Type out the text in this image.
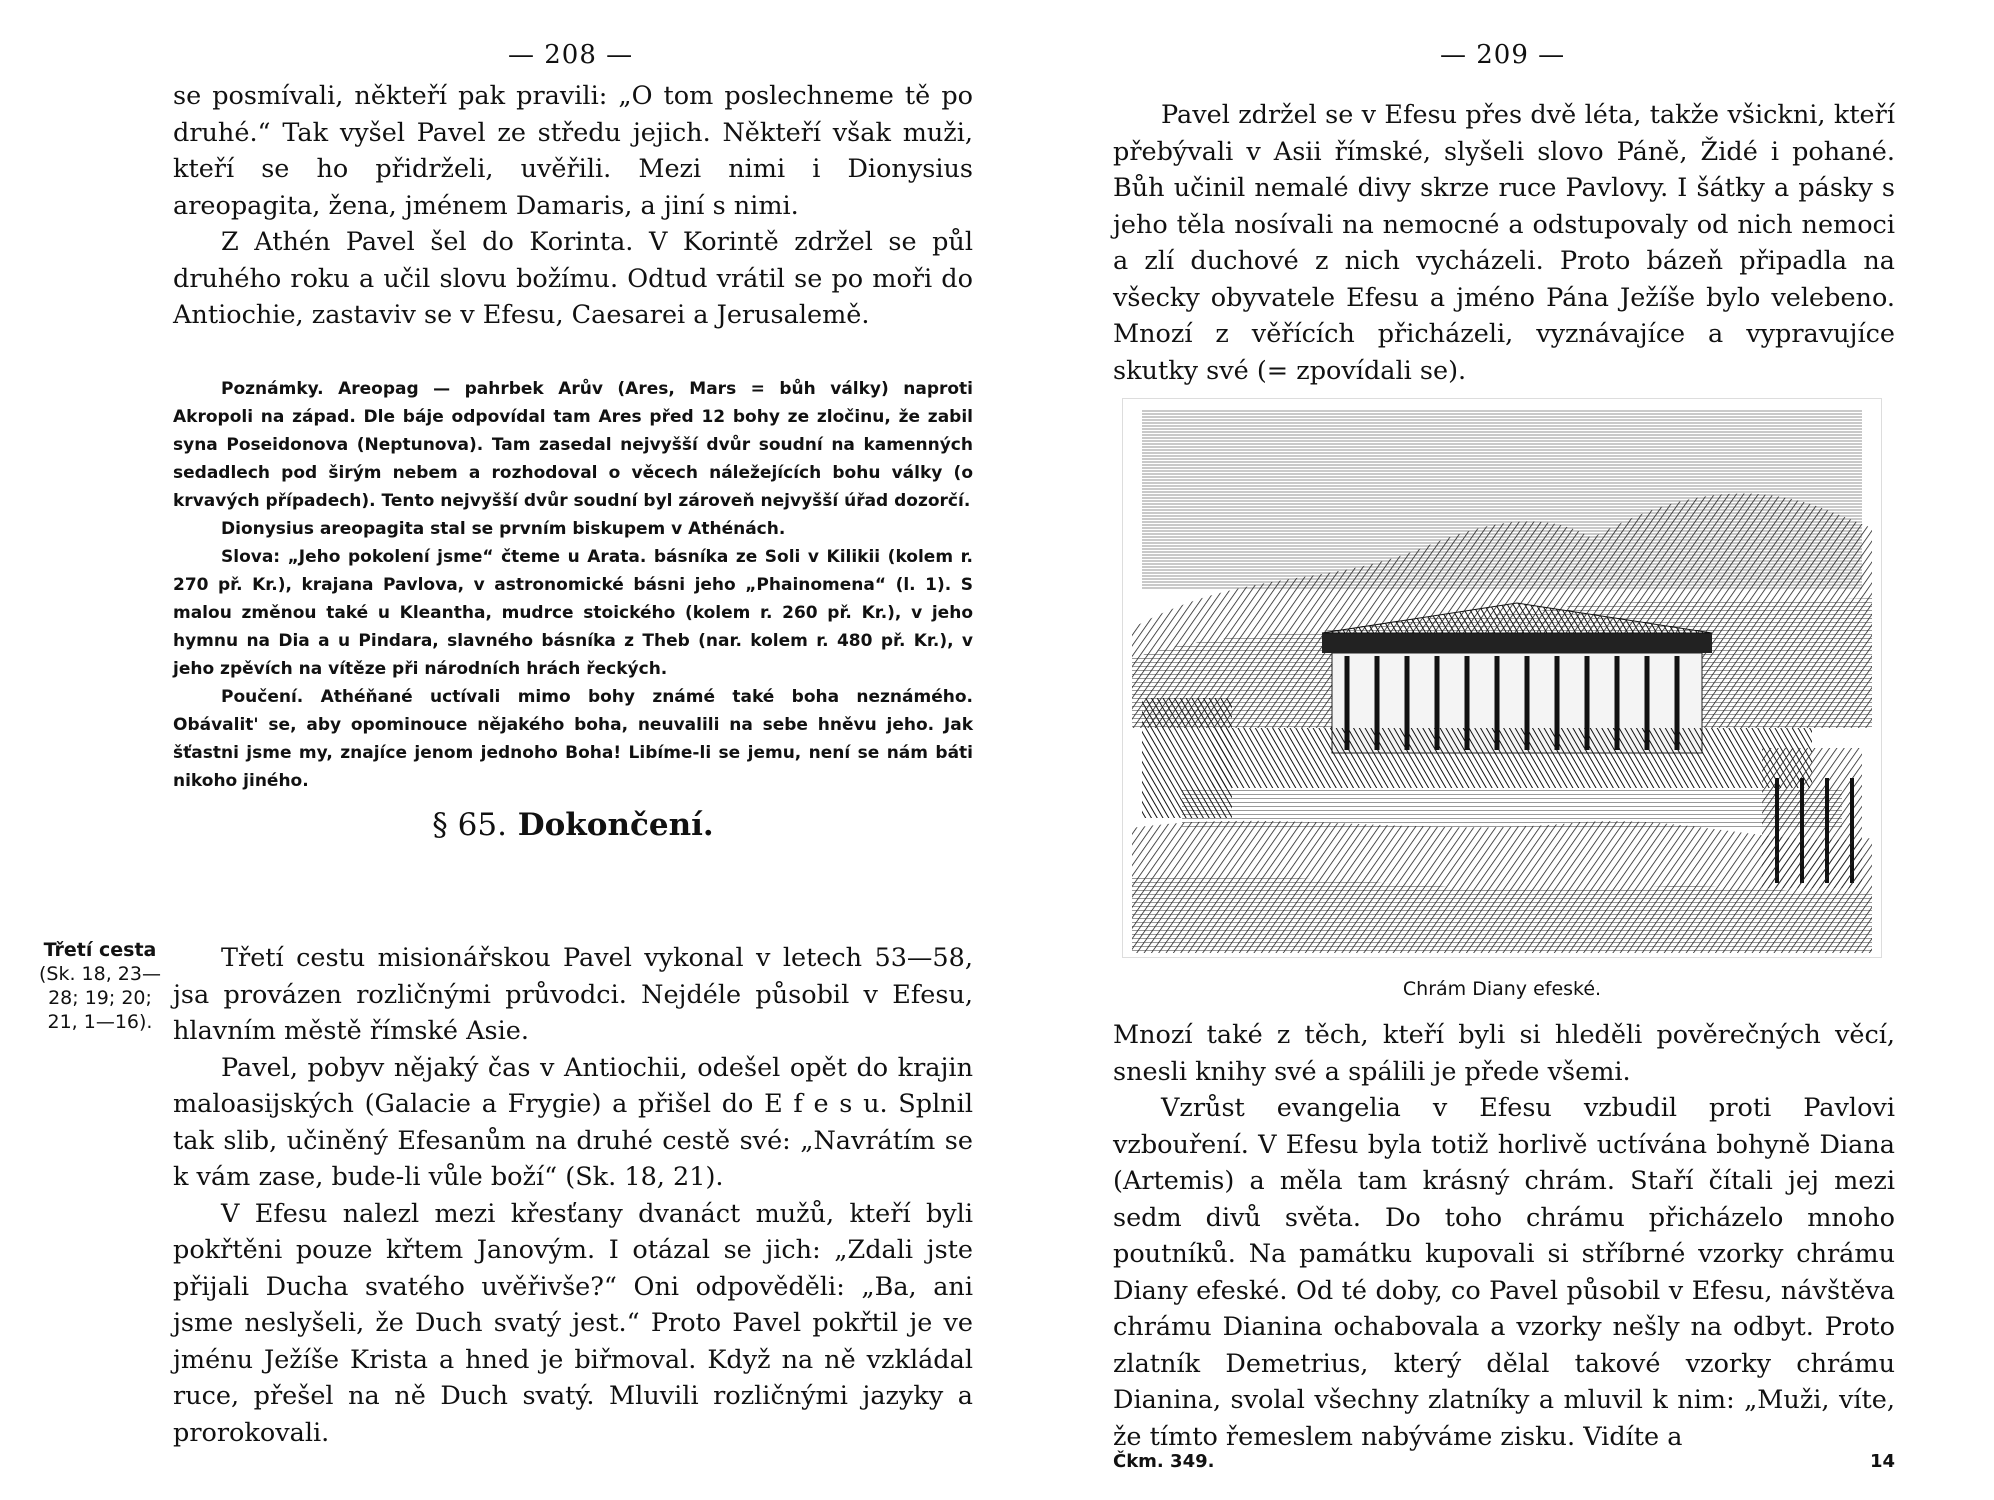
— 208 —

se posmívali, někteří pak pravili: „O tom poslechneme tě po druhé.“ Tak vyšel Pavel ze středu jejich. Někteří však muži, kteří se ho přidrželi, uvěřili. Mezi nimi i Dionysius areopagita, žena, jménem Damaris, a jiní s nimi.

Z Athén Pavel šel do Korinta. V Korintě zdržel se půl druhého roku a učil slovu božímu. Odtud vrátil se po moři do Antiochie, zastaviv se v Efesu, Caesarei a Jerusalemě.

Poznámky. Areopag — pahrbek Arův (Ares, Mars = bůh války) naproti Akropoli na západ. Dle báje odpovídal tam Ares před 12 bohy ze zločinu, že zabil syna Poseidonova (Neptunova). Tam zasedal nejvyšší dvůr soudní na kamenných sedadlech pod širým nebem a rozhodoval o věcech náležejících bohu války (o krvavých případech). Tento nejvyšší dvůr soudní byl zároveň nejvyšší úřad dozorčí.

Dionysius areopagita stal se prvním biskupem v Athénách.

Slova: „Jeho pokolení jsme“ čteme u Arata. básníka ze Soli v Kilikii (kolem r. 270 př. Kr.), krajana Pavlova, v astronomické básni jeho „Phainomena“ (l. 1). S malou změnou také u Kleantha, mudrce stoického (kolem r. 260 př. Kr.), v jeho hymnu na Dia a u Pindara, slavného básníka z Theb (nar. kolem r. 480 př. Kr.), v jeho zpěvích na vítěze při národních hrách řeckých.

Poučení. Athéňané uctívali mimo bohy známé také boha neznámého. Obávalit' se, aby opominouce nějakého boha, neuvalili na sebe hněvu jeho. Jak šťastni jsme my, znajíce jenom jednoho Boha! Libíme-li se jemu, není se nám báti nikoho jiného.

§ 65. Dokončení.
Třetí cesta
(Sk. 18, 23—28; 19; 20; 21, 1—16).

Třetí cestu misionářskou Pavel vykonal v letech 53—58, jsa provázen rozličnými průvodci. Nejdéle působil v Efesu, hlavním městě římské Asie.

Pavel, pobyv nějaký čas v Antiochii, odešel opět do krajin maloasijských (Galacie a Frygie) a přišel do E f e s u. Splnil tak slib, učiněný Efesanům na druhé cestě své: „Navrátím se k vám zase, bude-li vůle boží“ (Sk. 18, 21).

V Efesu nalezl mezi křesťany dvanáct mužů, kteří byli pokřtěni pouze křtem Janovým. I otázal se jich: „Zdali jste přijali Ducha svatého uvěřivše?“ Oni odpověděli: „Ba, ani jsme neslyšeli, že Duch svatý jest.“ Proto Pavel pokřtil je ve jménu Ježíše Krista a hned je biřmoval. Když na ně vzkládal ruce, přešel na ně Duch svatý. Mluvili rozličnými jazyky a prorokovali.

— 209 —

Pavel zdržel se v Efesu přes dvě léta, takže všickni, kteří přebývali v Asii římské, slyšeli slovo Páně, Židé i pohané. Bůh učinil nemalé divy skrze ruce Pavlovy. I šátky a pásky s jeho těla nosívali na nemocné a odstupovaly od nich nemoci a zlí duchové z nich vycházeli. Proto bázeň připadla na všecky obyvatele Efesu a jméno Pána Ježíše bylo velebeno. Mnozí z věřících přicházeli, vyznávajíce a vypravujíce skutky své (= zpovídali se).

Chrám Diany efeské.

Mnozí také z těch, kteří byli si hleděli pověrečných věcí, snesli knihy své a spálili je přede všemi.

Vzrůst evangelia v Efesu vzbudil proti Pavlovi vzbouření. V Efesu byla totiž horlivě uctívána bohyně Diana (Artemis) a měla tam krásný chrám. Staří čítali jej mezi sedm divů světa. Do toho chrámu přicházelo mnoho poutníků. Na památku kupovali si stříbrné vzorky chrámu Diany efeské. Od té doby, co Pavel působil v Efesu, návštěva chrámu Dianina ochabovala a vzorky nešly na odbyt. Proto zlatník Demetrius, který dělal takové vzorky chrámu Dianina, svolal všechny zlatníky a mluvil k nim: „Muži, víte, že tímto řemeslem nabýváme zisku. Vidíte a

Čkm. 349.	14
